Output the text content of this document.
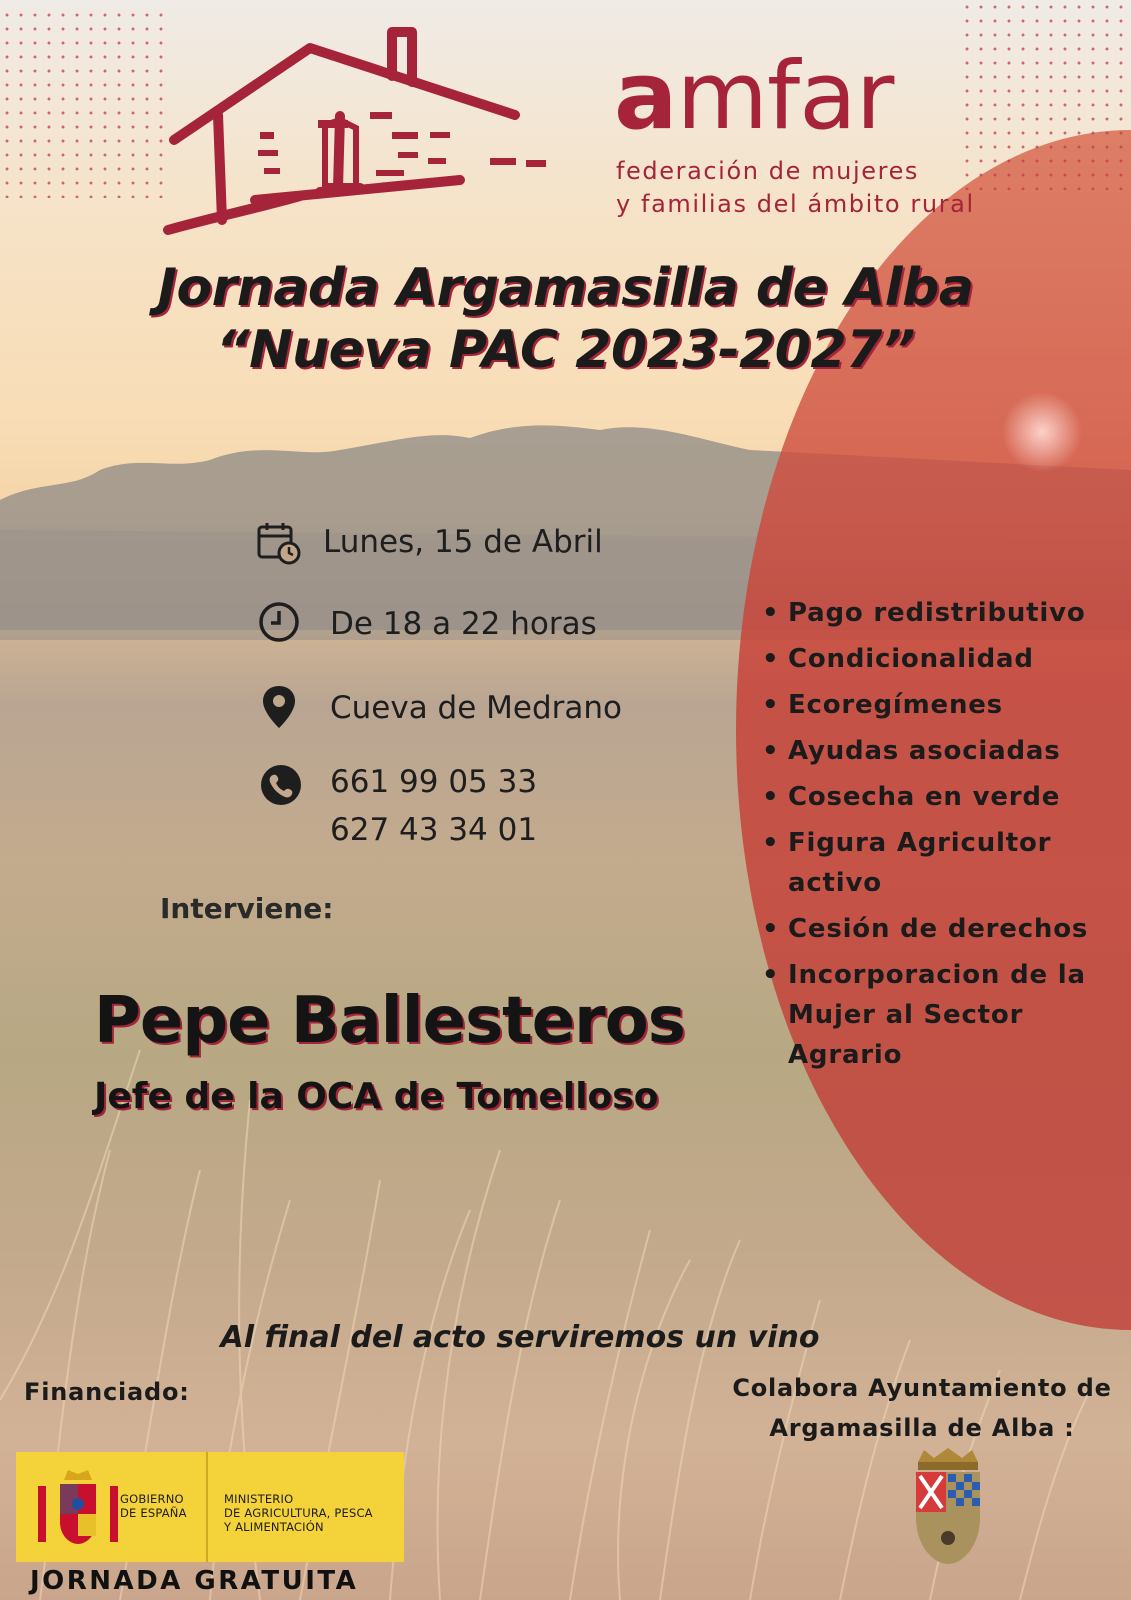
amfar
federación de mujeres
y familias del ámbito rural
Jornada Argamasilla de Alba
“Nueva PAC 2023-2027”
Lunes, 15 de Abril
De 18 a 22 horas
Cueva de Medrano
661 99 05 33
627 43 34 01
• Pago redistributivo
• Condicionalidad
• Ecoregímenes
• Ayudas asociadas
• Cosecha en verde
• Figura Agricultor activo
• Cesión de derechos
• Incorporacion de la Mujer al Sector Agrario
Interviene:
Pepe Ballesteros
Jefe de la OCA de Tomelloso
Al final del acto serviremos un vino
Financiado:	Colabora Ayuntamiento de
Argamasilla de Alba :
GOBIERNO
DE ESPAÑA
MINISTERIO
DE AGRICULTURA, PESCA
Y ALIMENTACIÓN
JORNADA GRATUITA
